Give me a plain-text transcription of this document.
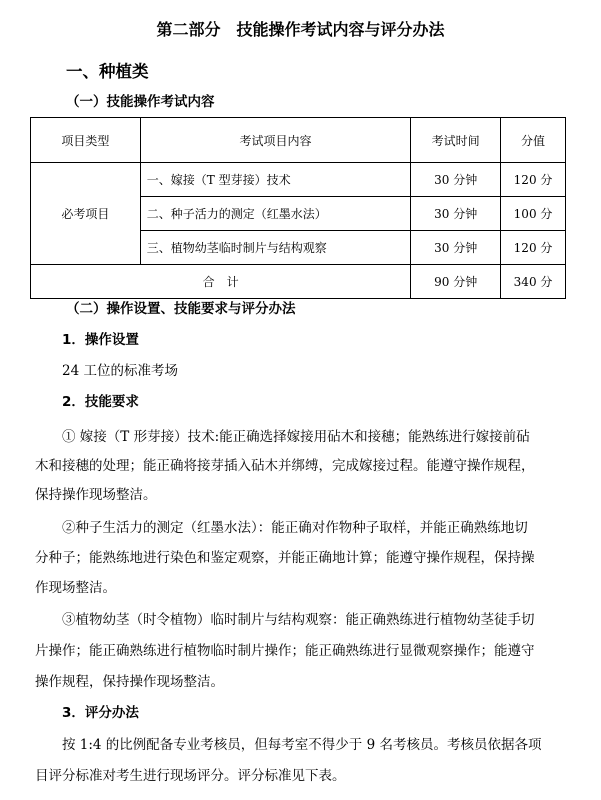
第二部分　技能操作考试内容与评分办法
一、种植类
（一）技能操作考试内容
项目类型	考试项目内容	考试时间	分值
必考项目	一、嫁接（T 型芽接）技术	30 分钟	120 分
	二、种子活力的测定（红墨水法）	30 分钟	100 分
	三、植物幼茎临时制片与结构观察	30 分钟	120 分
合　计		90 分钟	340 分
（二）操作设置、技能要求与评分办法
1．操作设置
24 工位的标准考场
2．技能要求
① 嫁接（T 形芽接）技术:能正确选择嫁接用砧木和接穗；能熟练进行嫁接前砧
木和接穗的处理；能正确将接芽插入砧木并绑缚，完成嫁接过程。能遵守操作规程，
保持操作现场整洁。
②种子生活力的测定（红墨水法）：能正确对作物种子取样，并能正确熟练地切
分种子；能熟练地进行染色和鉴定观察，并能正确地计算；能遵守操作规程，保持操
作现场整洁。
③植物幼茎（时令植物）临时制片与结构观察：能正确熟练进行植物幼茎徒手切
片操作；能正确熟练进行植物临时制片操作；能正确熟练进行显微观察操作；能遵守
操作规程，保持操作现场整洁。
3．评分办法
按 1:4 的比例配备专业考核员，但每考室不得少于 9 名考核员。考核员依据各项
目评分标准对考生进行现场评分。评分标准见下表。
